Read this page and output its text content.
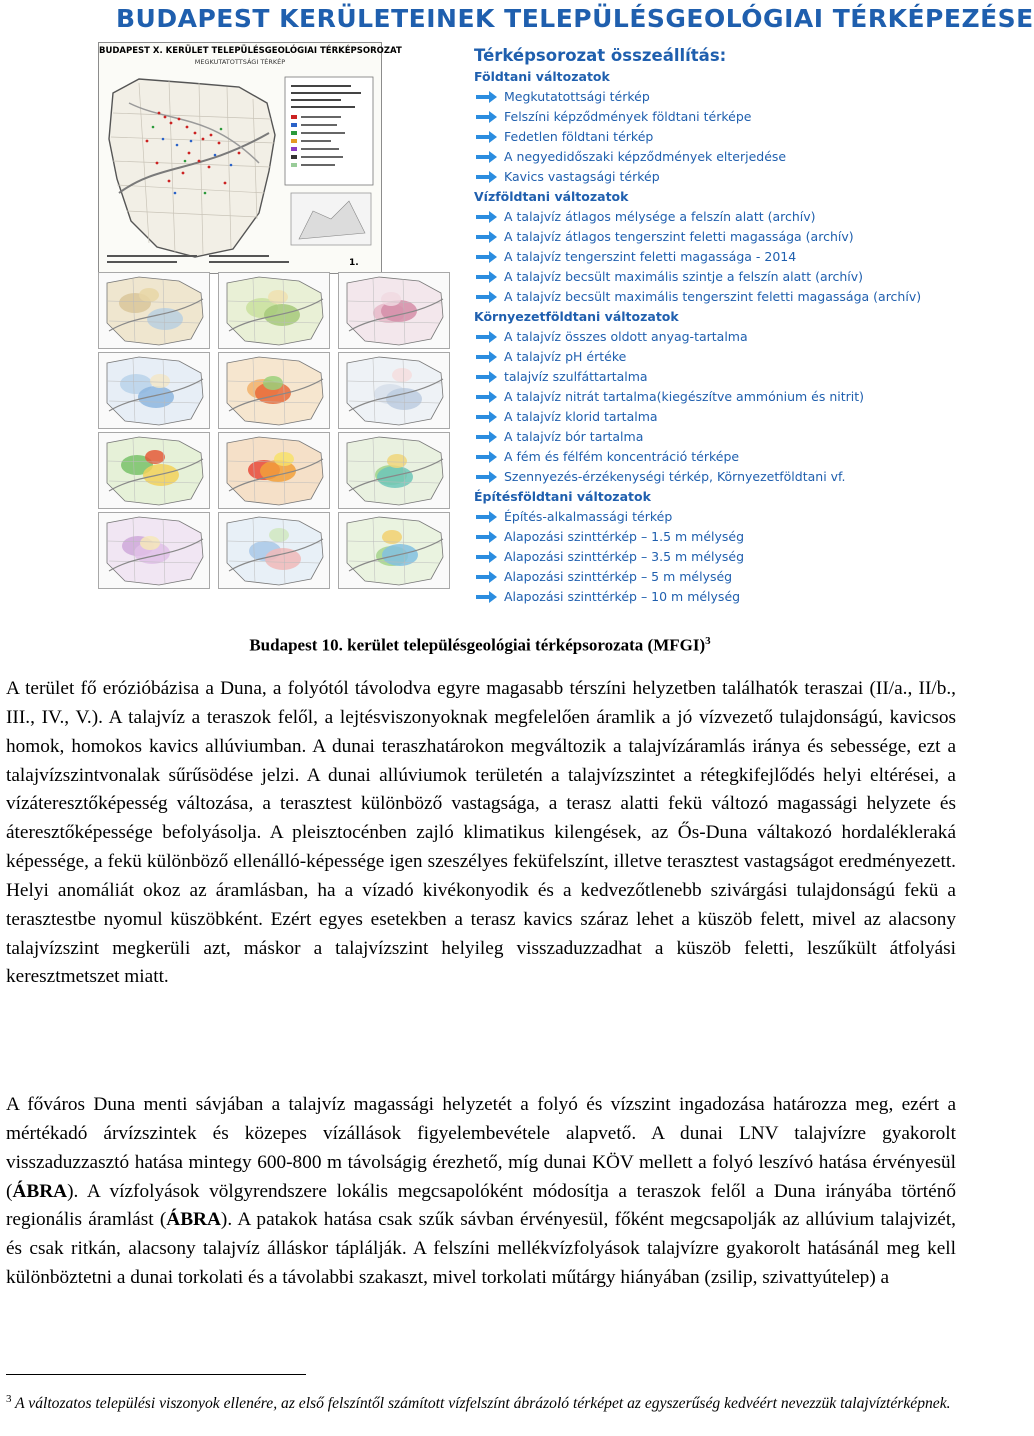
BUDAPEST KERÜLETEINEK TELEPÜLÉSGEOLÓGIAI TÉRKÉPEZÉSE
1.
BUDAPEST X. KERÜLET TELEPÜLÉSGEOLÓGIAI TÉRKÉPSOROZAT
MEGKUTATOTTSÁGI TÉRKÉP	Térképsorozat összeállítás:
Földtani változatok
Megkutatottsági térkép
Felszíni képződmények földtani térképe
Fedetlen földtani térkép
A negyedidőszaki képződmények elterjedése
Kavics vastagsági térkép
Vízföldtani változatok
A talajvíz átlagos mélysége a felszín alatt (archív)
A talajvíz átlagos tengerszint feletti magassága (archív)
A talajvíz tengerszint feletti magassága - 2014
A talajvíz becsült maximális szintje a felszín alatt (archív)
A talajvíz becsült maximális tengerszint feletti magassága (archív)
Környezetföldtani változatok
A talajvíz összes oldott anyag-tartalma
A talajvíz pH értéke
talajvíz szulfáttartalma
A talajvíz nitrát tartalma(kiegészítve ammónium és nitrit)
A talajvíz klorid tartalma
A talajvíz bór tartalma
A fém és félfém koncentráció térképe
Szennyezés-érzékenységi térkép, Környezetföldtani vf.
Építésföldtani változatok
Építés-alkalmassági térkép
Alapozási szinttérkép – 1.5 m mélység
Alapozási szinttérkép – 3.5 m mélység
Alapozási szinttérkép – 5 m mélység
Alapozási szinttérkép – 10 m mélység
Budapest 10. kerület településgeológiai térképsorozata (MFGI)$^3$

A terület fő erózióbázisa a Duna, a folyótól távolodva egyre magasabb térszíni helyzetben találhatók teraszai (II/a., II/b., III., IV., V.). A talajvíz a teraszok felől, a lejtésviszonyoknak megfelelően áramlik a jó vízvezető tulajdonságú, kavicsos homok, homokos kavics allúviumban. A dunai teraszhatárokon megváltozik a talajvízáramlás iránya és sebessége, ezt a talajvízszintvonalak sűrűsödése jelzi. A dunai allúviumok területén a talajvízszintet a rétegkifejlődés helyi eltérései, a vízáteresztőképesség változása, a terasztest különböző vastagsága, a terasz alatti fekü változó magassági helyzete és áteresztőképessége befolyásolja. A pleisztocénben zajló klimatikus kilengések, az Ős-Duna váltakozó hordalékleraká képessége, a fekü különböző ellenálló-képessége igen szeszélyes feküfelszínt, illetve terasztest vastagságot eredményezett. Helyi anomáliát okoz az áramlásban, ha a vízadó kivékonyodik és a kedvezőtlenebb szivárgási tulajdonságú fekü a terasztestbe nyomul küszöbként. Ezért egyes esetekben a terasz kavics száraz lehet a küszöb felett, mivel az alacsony talajvízszint megkerüli azt, máskor a talajvízszint helyileg visszaduzzadhat a küszöb feletti, leszűkült átfolyási keresztmetszet miatt.

A főváros Duna menti sávjában a talajvíz magassági helyzetét a folyó és vízszint ingadozása határozza meg, ezért a mértékadó árvízszintek és közepes vízállások figyelembevétele alapvető. A dunai LNV talajvízre gyakorolt visszaduzzasztó hatása mintegy 600-800 m távolságig érezhető, míg dunai KÖV mellett a folyó leszívó hatása érvényesül (ÁBRA). A vízfolyások völgyrendszere lokális megcsapolóként módosítja a teraszok felől a Duna irányába történő regionális áramlást (ÁBRA). A patakok hatása csak szűk sávban érvényesül, főként megcsapolják az allúvium talajvizét, és csak ritkán, alacsony talajvíz álláskor táplálják. A felszíni mellékvízfolyások talajvízre gyakorolt hatásánál meg kell különböztetni a dunai torkolati és a távolabbi szakaszt, mivel torkolati műtárgy hiányában (zsilip, szivattyútelep) a

$^3$ A változatos települési viszonyok ellenére, az első felszíntől számított vízfelszínt ábrázoló térképet az egyszerűség kedvéért nevezzük talajvíztérképnek.
